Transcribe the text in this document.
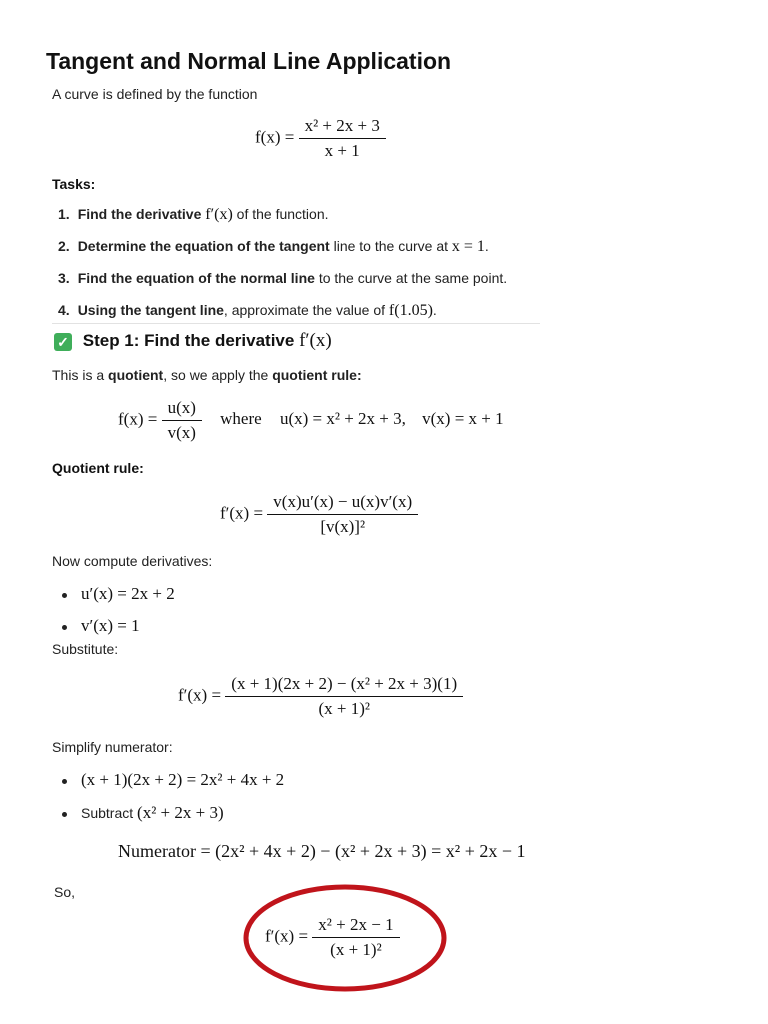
Tangent and Normal Line Application
A curve is defined by the function
$f(x) = \frac{\text{x² + 2x + 3}}{x + 1}$
Tasks:
1. Find the derivative f′(x) of the function.
2. Determine the equation of the tangent line to the curve at x = 1.
3. Find the equation of the normal line to the curve at the same point.
4. Using the tangent line, approximate the value of f(1.05).
✓ Step 1: Find the derivative f′(x)
This is a quotient, so we apply the quotient rule:
$f(x) = \frac{u(x)}{v(x)}$ where u(x) = x² + 2x + 3, v(x) = x + 1
Quotient rule:
$f'(x) = \frac{v(x)u'(x) - u(x)v'(x)}{\text{[v(x)]²}}$
Now compute derivatives:
u′(x) = 2x + 2
v′(x) = 1
Substitute:
$f'(x) = \frac{\text{(x + 1)(2x + 2) − (x² + 2x + 3)(1)}}{\text{(x + 1)²}}$
Simplify numerator:
(x + 1)(2x + 2) = 2x² + 4x + 2
Subtract (x² + 2x + 3)
Numerator = (2x² + 4x + 2) − (x² + 2x + 3) = x² + 2x − 1
So,
$f'(x) = \frac{\text{x² + 2x − 1}}{\text{(x + 1)²}}$
